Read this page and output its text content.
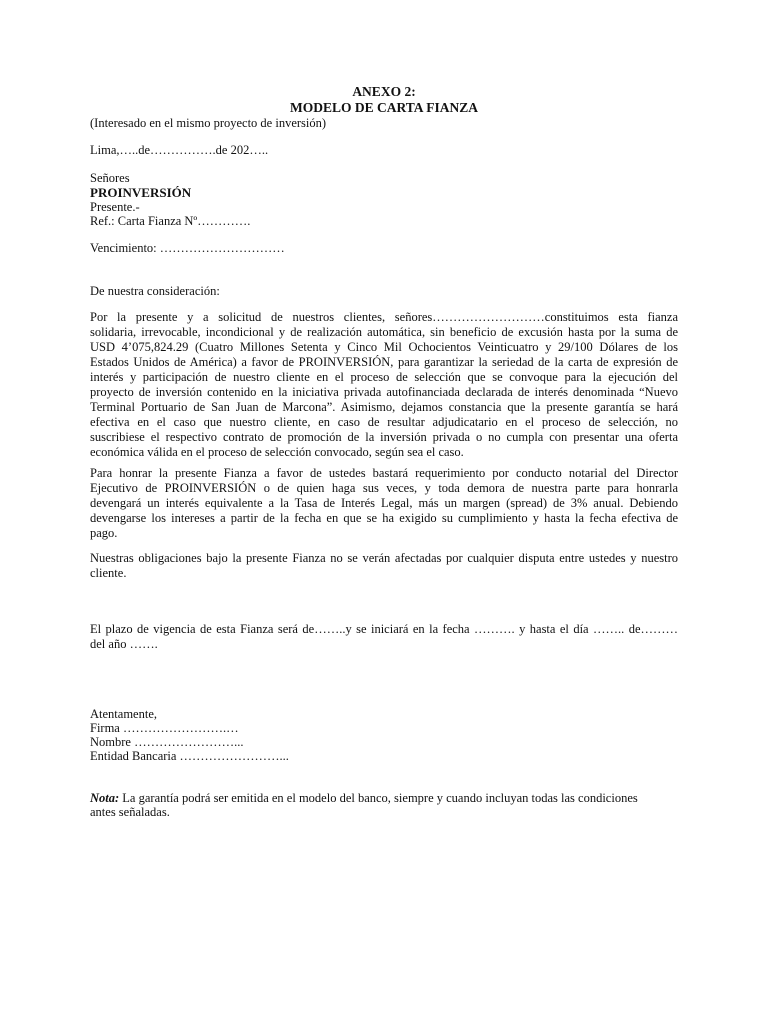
ANEXO 2:
MODELO DE CARTA FIANZA
(Interesado en el mismo proyecto de inversión)
Lima,…..de…………….de 202…..
Señores
PROINVERSIÓN
Presente.-
Ref.: Carta Fianza Nº………….
Vencimiento: …………………………
De nuestra consideración:
Por la presente y a solicitud de nuestros clientes, señores………………………constituimos esta fianza
solidaria, irrevocable, incondicional y de realización automática, sin beneficio de excusión hasta por la suma de
USD 4’075,824.29 (Cuatro Millones Setenta y Cinco Mil Ochocientos Veinticuatro y 29/100 Dólares de los
Estados Unidos de América) a favor de PROINVERSIÓN, para garantizar la seriedad de la carta de expresión de
interés y participación de nuestro cliente en el proceso de selección que se convoque para la ejecución del
proyecto de inversión contenido en la iniciativa privada autofinanciada declarada de interés denominada “Nuevo
Terminal Portuario de San Juan de Marcona”. Asimismo, dejamos constancia que la presente garantía se hará
efectiva en el caso que nuestro cliente, en caso de resultar adjudicatario en el proceso de selección, no
suscribiese el respectivo contrato de promoción de la inversión privada o no cumpla con presentar una oferta
económica válida en el proceso de selección convocado, según sea el caso.
Para honrar la presente Fianza a favor de ustedes bastará requerimiento por conducto notarial del Director
Ejecutivo de PROINVERSIÓN o de quien haga sus veces, y toda demora de nuestra parte para honrarla
devengará un interés equivalente a la Tasa de Interés Legal, más un margen (spread) de 3% anual. Debiendo
devengarse los intereses a partir de la fecha en que se ha exigido su cumplimiento y hasta la fecha efectiva de
pago.
Nuestras obligaciones bajo la presente Fianza no se verán afectadas por cualquier disputa entre ustedes y nuestro
cliente.
El plazo de vigencia de esta Fianza será de……..y se iniciará en la fecha ………. y hasta el día …….. de………
del año …….
Atentamente,
Firma …………………….…
Nombre ……………………...
Entidad Bancaria ……………………...
Nota: La garantía podrá ser emitida en el modelo del banco, siempre y cuando incluyan todas las condiciones
antes señaladas.
